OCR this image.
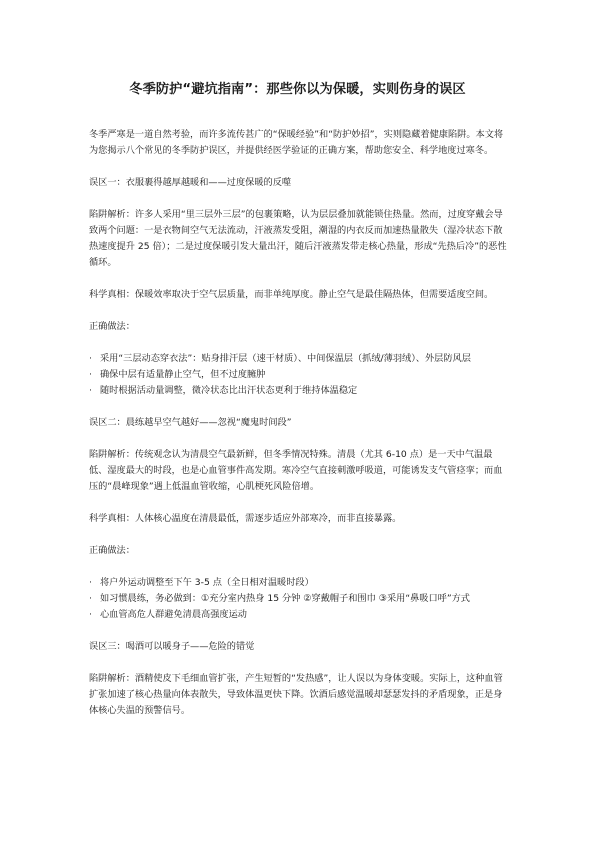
冬季防护“避坑指南”：那些你以为保暖，实则伤身的误区

冬季严寒是一道自然考验，而许多流传甚广的“保暖经验”和“防护妙招”，实则隐藏着健康陷阱。本文将为您揭示八个常见的冬季防护误区，并提供经医学验证的正确方案，帮助您安全、科学地度过寒冬。

误区一：衣服裹得越厚越暖和——过度保暖的反噬

陷阱解析：许多人采用“里三层外三层”的包裹策略，认为层层叠加就能锁住热量。然而，过度穿戴会导致两个问题：一是衣物间空气无法流动，汗液蒸发受阻，潮湿的内衣反而加速热量散失（湿冷状态下散热速度提升 25 倍）；二是过度保暖引发大量出汗，随后汗液蒸发带走核心热量，形成“先热后冷”的恶性循环。

科学真相：保暖效率取决于空气层质量，而非单纯厚度。静止空气是最佳隔热体，但需要适度空间。

正确做法：

· 采用“三层动态穿衣法”：贴身排汗层（速干材质）、中间保温层（抓绒/薄羽绒）、外层防风层
· 确保中层有适量静止空气，但不过度臃肿
· 随时根据活动量调整，微冷状态比出汗状态更利于维持体温稳定

误区二：晨练越早空气越好——忽视“魔鬼时间段”

陷阱解析：传统观念认为清晨空气最新鲜，但冬季情况特殊。清晨（尤其 6-10 点）是一天中气温最低、湿度最大的时段，也是心血管事件高发期。寒冷空气直接刺激呼吸道，可能诱发支气管痉挛；而血压的“晨峰现象”遇上低温血管收缩，心肌梗死风险倍增。

科学真相：人体核心温度在清晨最低，需逐步适应外部寒冷，而非直接暴露。

正确做法：

· 将户外运动调整至下午 3-5 点（全日相对温暖时段）
· 如习惯晨练，务必做到：①充分室内热身 15 分钟 ②穿戴帽子和围巾 ③采用“鼻吸口呼”方式
· 心血管高危人群避免清晨高强度运动

误区三：喝酒可以暖身子——危险的错觉

陷阱解析：酒精使皮下毛细血管扩张，产生短暂的“发热感”，让人误以为身体变暖。实际上，这种血管扩张加速了核心热量向体表散失，导致体温更快下降。饮酒后感觉温暖却瑟瑟发抖的矛盾现象，正是身体核心失温的预警信号。
